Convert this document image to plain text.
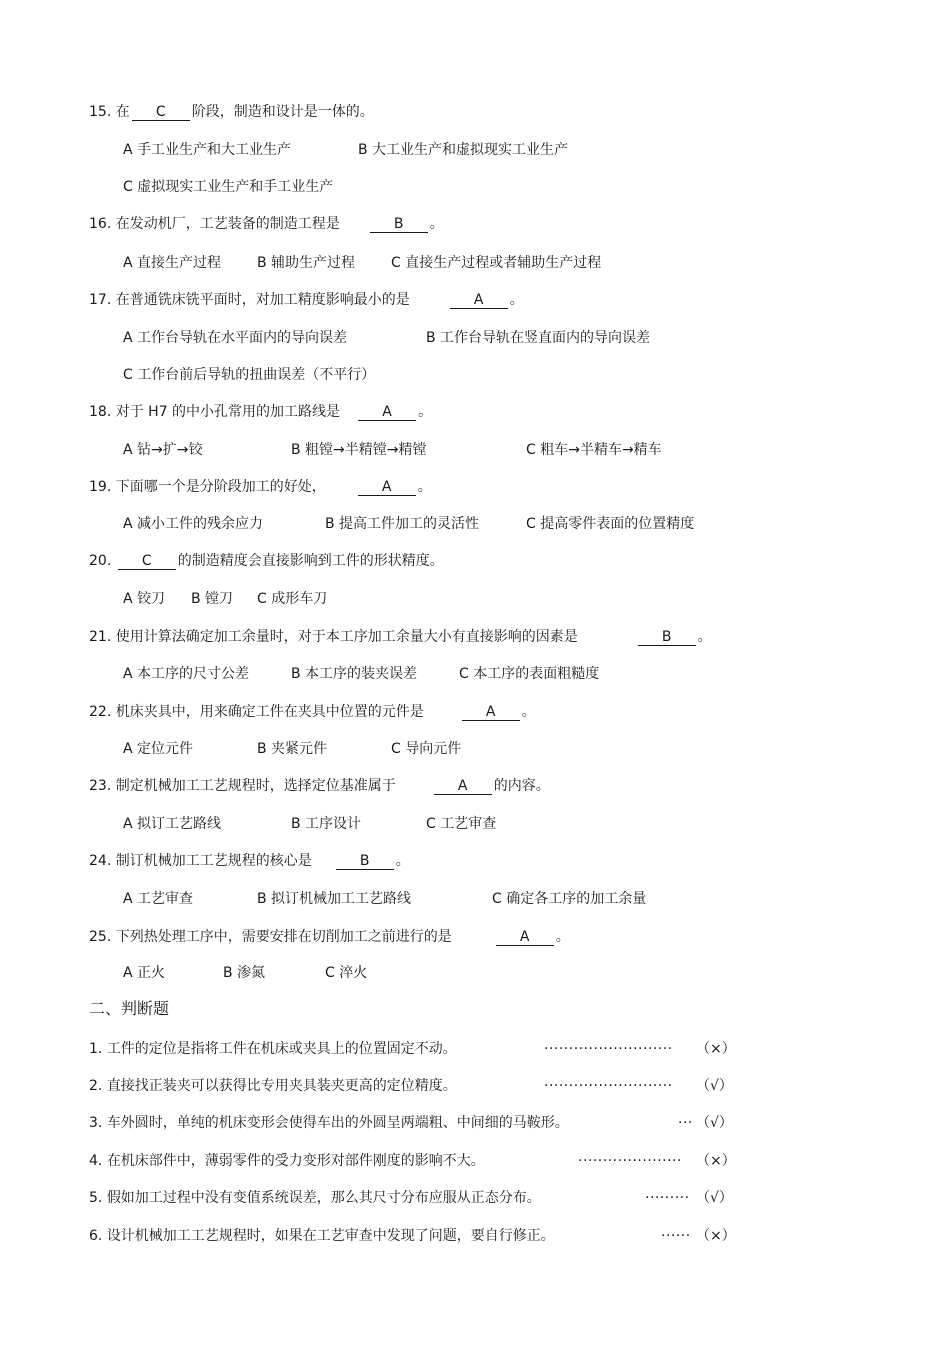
15. 在 C 阶段，制造和设计是一体的。
A 手工业生产和大工业生产	B 大工业生产和虚拟现实工业生产
C 虚拟现实工业生产和手工业生产
16. 在发动机厂，工艺装备的制造工程是	B 。
A 直接生产过程	B 辅助生产过程	C 直接生产过程或者辅助生产过程
17. 在普通铣床铣平面时，对加工精度影响最小的是	A 。
A 工作台导轨在水平面内的导向误差	B 工作台导轨在竖直面内的导向误差
C 工作台前后导轨的扭曲误差（不平行）
18. 对于 H7 的中小孔常用的加工路线是	A 。
A 钻→扩→铰	B 粗镗→半精镗→精镗	C 粗车→半精车→精车
19. 下面哪一个是分阶段加工的好处，	A 。
A 减小工件的残余应力	B 提高工件加工的灵活性	C 提高零件表面的位置精度
20. C 的制造精度会直接影响到工件的形状精度。
A 铰刀 B 镗刀 C 成形车刀
21. 使用计算法确定加工余量时，对于本工序加工余量大小有直接影响的因素是	B 。
A 本工序的尺寸公差	B 本工序的装夹误差	C 本工序的表面粗糙度
22. 机床夹具中，用来确定工件在夹具中位置的元件是	A 。
A 定位元件	B 夹紧元件	C 导向元件
23. 制定机械加工工艺规程时，选择定位基准属于	A 的内容。
A 拟订工艺路线	B 工序设计	C 工艺审查
24. 制订机械加工工艺规程的核心是	B 。
A 工艺审查	B 拟订机械加工工艺路线	C 确定各工序的加工余量
25. 下列热处理工序中，需要安排在切削加工之前进行的是	A 。
A 正火	B 渗氮	C 淬火
二、判断题
1. 工件的定位是指将工件在机床或夹具上的位置固定不动。	·························· （×）
2. 直接找正装夹可以获得比专用夹具装夹更高的定位精度。	·························· （√）
3. 车外圆时，单纯的机床变形会使得车出的外圆呈两端粗、中间细的马鞍形。	··· （√）
4. 在机床部件中，薄弱零件的受力变形对部件刚度的影响不大。	····················· （×）
5. 假如加工过程中没有变值系统误差，那么其尺寸分布应服从正态分布。	········· （√）
6. 设计机械加工工艺规程时，如果在工艺审查中发现了问题，要自行修正。	······ （×）
